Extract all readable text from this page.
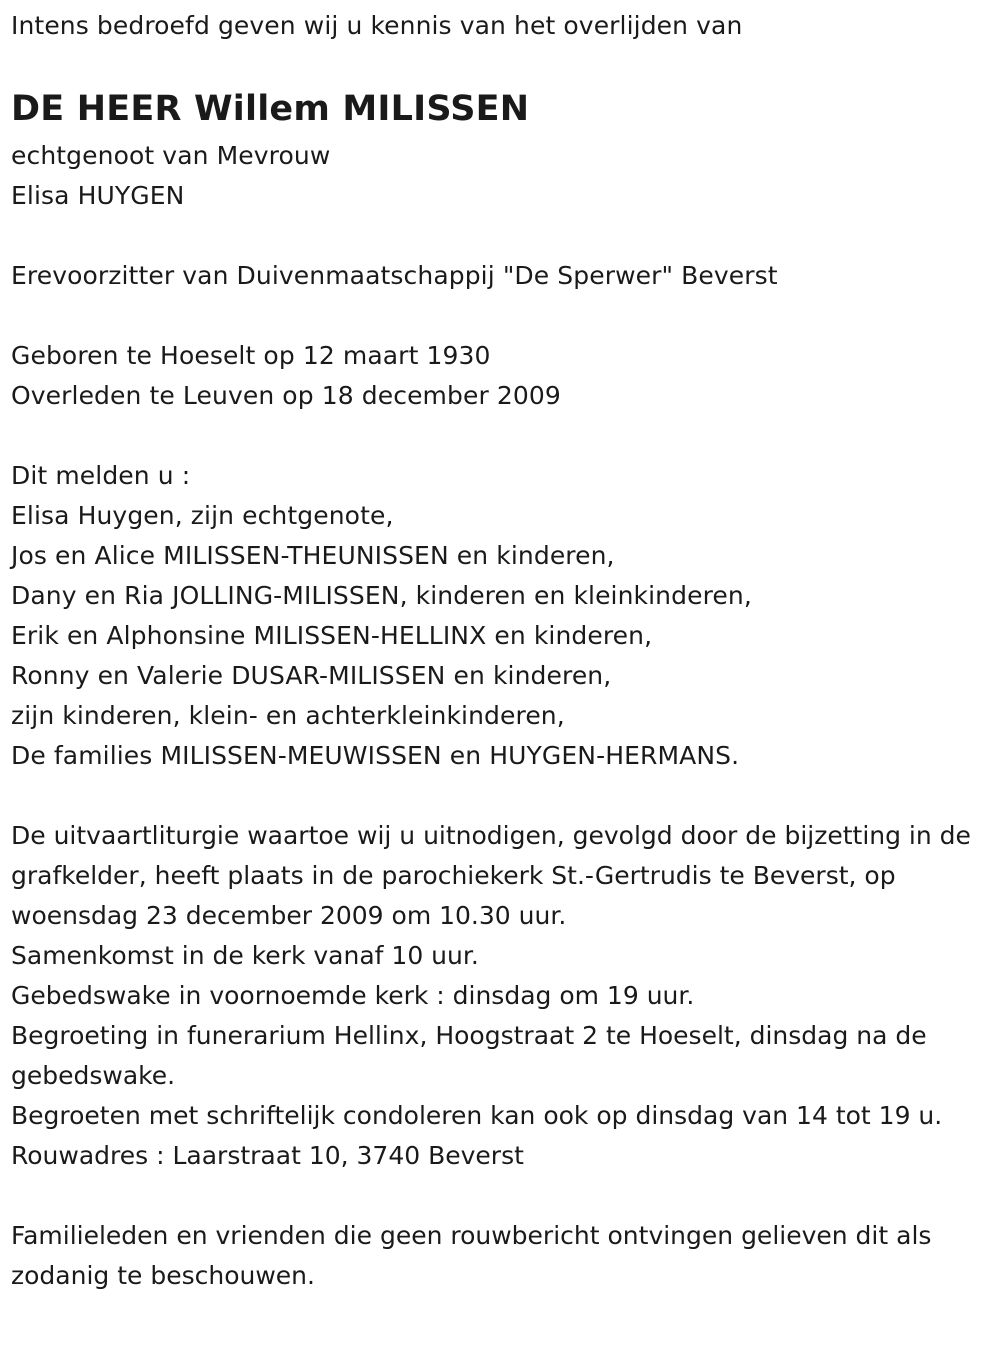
Intens bedroefd geven wij u kennis van het overlijden van
DE HEER Willem MILISSEN
echtgenoot van Mevrouw
Elisa HUYGEN
Erevoorzitter van Duivenmaatschappij "De Sperwer" Beverst
Geboren te Hoeselt op 12 maart 1930
Overleden te Leuven op 18 december 2009
Dit melden u :
Elisa Huygen, zijn echtgenote,
Jos en Alice MILISSEN-THEUNISSEN en kinderen,
Dany en Ria JOLLING-MILISSEN, kinderen en kleinkinderen,
Erik en Alphonsine MILISSEN-HELLINX en kinderen,
Ronny en Valerie DUSAR-MILISSEN en kinderen,
zijn kinderen, klein- en achterkleinkinderen,
De families MILISSEN-MEUWISSEN en HUYGEN-HERMANS.
De uitvaartliturgie waartoe wij u uitnodigen, gevolgd door de bijzetting in de grafkelder, heeft plaats in de parochiekerk St.-Gertrudis te Beverst, op woensdag 23 december 2009 om 10.30 uur.
Samenkomst in de kerk vanaf 10 uur.
Gebedswake in voornoemde kerk : dinsdag om 19 uur.
Begroeting in funerarium Hellinx, Hoogstraat 2 te Hoeselt, dinsdag na de gebedswake.
Begroeten met schriftelijk condoleren kan ook op dinsdag van 14 tot 19 u.
Rouwadres : Laarstraat 10, 3740 Beverst
Familieleden en vrienden die geen rouwbericht ontvingen gelieven dit als zodanig te beschouwen.
